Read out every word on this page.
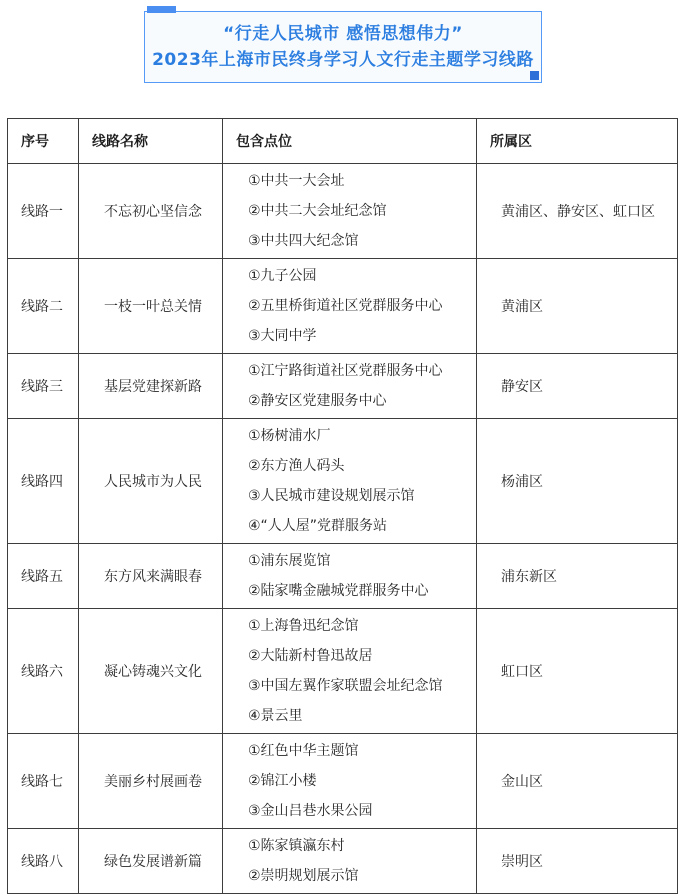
“行走人民城市 感悟思想伟力”
2023年上海市民终身学习人文行走主题学习线路
序号	线路名称	包含点位	所属区
线路一	不忘初心坚信念	①中共一大会址
②中共二大会址纪念馆
③中共四大纪念馆	黄浦区、静安区、虹口区
线路二	一枝一叶总关情	①九子公园
②五里桥街道社区党群服务中心
③大同中学	黄浦区
线路三	基层党建探新路	①江宁路街道社区党群服务中心
②静安区党建服务中心	静安区
线路四	人民城市为人民	①杨树浦水厂
②东方渔人码头
③人民城市建设规划展示馆
④“人人屋”党群服务站	杨浦区
线路五	东方风来满眼春	①浦东展览馆
②陆家嘴金融城党群服务中心	浦东新区
线路六	凝心铸魂兴文化	①上海鲁迅纪念馆
②大陆新村鲁迅故居
③中国左翼作家联盟会址纪念馆
④景云里	虹口区
线路七	美丽乡村展画卷	①红色中华主题馆
②锦江小楼
③金山吕巷水果公园	金山区
线路八	绿色发展谱新篇	①陈家镇瀛东村
②崇明规划展示馆	崇明区
